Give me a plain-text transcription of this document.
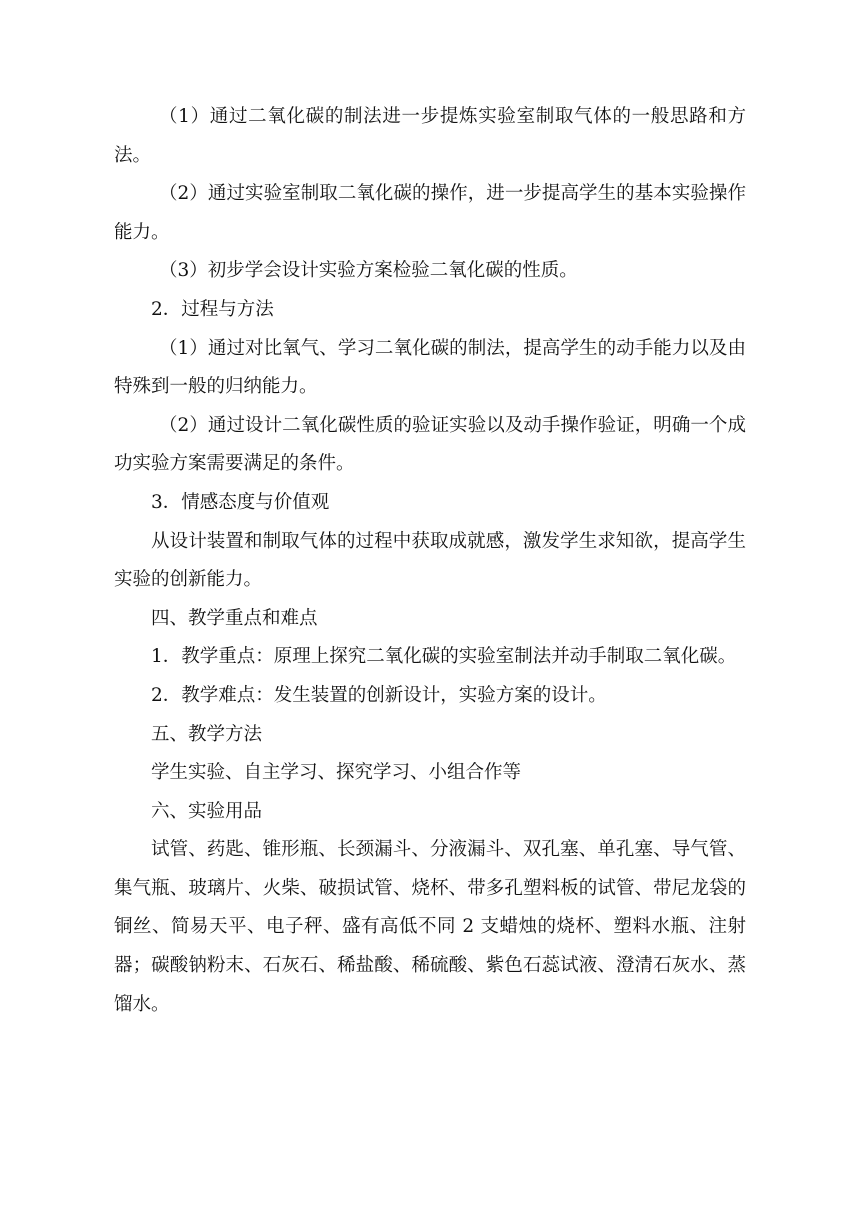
（1）通过二氧化碳的制法进一步提炼实验室制取气体的一般思路和方法。

（2）通过实验室制取二氧化碳的操作，进一步提高学生的基本实验操作能力。

（3）初步学会设计实验方案检验二氧化碳的性质。

2．过程与方法

（1）通过对比氧气、学习二氧化碳的制法，提高学生的动手能力以及由特殊到一般的归纳能力。

（2）通过设计二氧化碳性质的验证实验以及动手操作验证，明确一个成功实验方案需要满足的条件。

3．情感态度与价值观

从设计装置和制取气体的过程中获取成就感，激发学生求知欲，提高学生实验的创新能力。

四、教学重点和难点

1．教学重点：原理上探究二氧化碳的实验室制法并动手制取二氧化碳。

2．教学难点：发生装置的创新设计，实验方案的设计。

五、教学方法

学生实验、自主学习、探究学习、小组合作等

六、实验用品

试管、药匙、锥形瓶、长颈漏斗、分液漏斗、双孔塞、单孔塞、导气管、集气瓶、玻璃片、火柴、破损试管、烧杯、带多孔塑料板的试管、带尼龙袋的铜丝、简易天平、电子秤、盛有高低不同 2 支蜡烛的烧杯、塑料水瓶、注射器；碳酸钠粉末、石灰石、稀盐酸、稀硫酸、紫色石蕊试液、澄清石灰水、蒸馏水。
